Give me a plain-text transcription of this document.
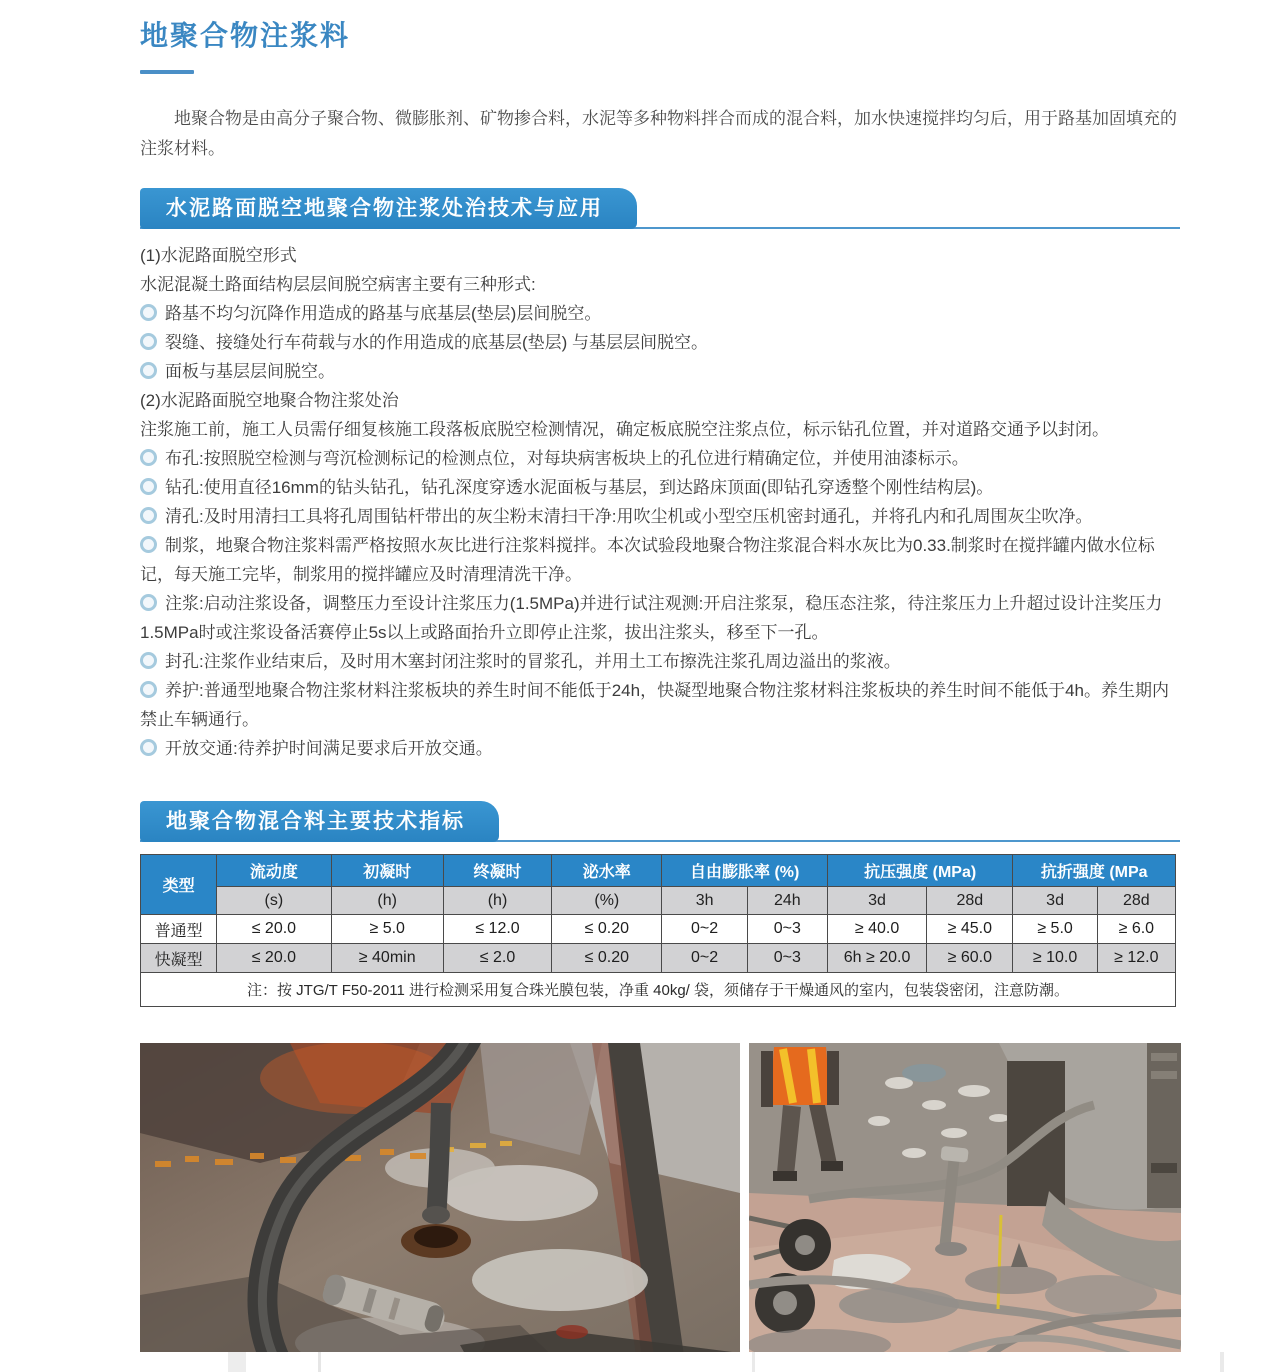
地聚合物注浆料

地聚合物是由高分子聚合物、微膨胀剂、矿物掺合料，水泥等多种物料拌合而成的混合料，加水快速搅拌均匀后，用于路基加固填充的注浆材料。

水泥路面脱空地聚合物注浆处治技术与应用

(1)水泥路面脱空形式

水泥混凝土路面结构层层间脱空病害主要有三种形式:

路基不均匀沉降作用造成的路基与底基层(垫层)层间脱空。

裂缝、接缝处行车荷载与水的作用造成的底基层(垫层) 与基层层间脱空。

面板与基层层间脱空。

(2)水泥路面脱空地聚合物注浆处治

注浆施工前，施工人员需仔细复核施工段落板底脱空检测情况，确定板底脱空注浆点位，标示钻孔位置，并对道路交通予以封闭。

布孔:按照脱空检测与弯沉检测标记的检测点位，对每块病害板块上的孔位进行精确定位，并使用油漆标示。

钻孔:使用直径16mm的钻头钻孔，钻孔深度穿透水泥面板与基层，到达路床顶面(即钻孔穿透整个刚性结构层)。

清孔:及时用清扫工具将孔周围钻杆带出的灰尘粉末清扫干净:用吹尘机或小型空压机密封通孔，并将孔内和孔周围灰尘吹净。

制浆，地聚合物注浆料需严格按照水灰比进行注浆料搅拌。本次试验段地聚合物注浆混合料水灰比为0.33.制浆时在搅拌罐内做水位标记，每天施工完毕，制浆用的搅拌罐应及时清理清洗干净。

注浆:启动注浆设备，调整压力至设计注浆压力(1.5MPa)并进行试注观测:开启注浆泵，稳压态注浆，待注浆压力上升超过设计注奖压力1.5MPa时或注浆设备活赛停止5s以上或路面抬升立即停止注浆，拔出注浆头，移至下一孔。

封孔:注浆作业结束后，及时用木塞封闭注浆时的冒浆孔，并用土工布擦洗注浆孔周边溢出的浆液。

养护:普通型地聚合物注浆材料注浆板块的养生时间不能低于24h，快凝型地聚合物注浆材料注浆板块的养生时间不能低于4h。养生期内禁止车辆通行。

开放交通:待养护时间满足要求后开放交通。

地聚合物混合料主要技术指标
类型	流动度	初凝时	终凝时	泌水率	自由膨胀率 (%)		抗压强度 (MPa)		抗折强度 (MPa	
	(s)	(h)	(h)	(%)	3h	24h	3d	28d	3d	28d
普通型	≤ 20.0	≥ 5.0	≤ 12.0	≤ 0.20	0~2	0~3	≥ 40.0	≥ 45.0	≥ 5.0	≥ 6.0
快凝型	≤ 20.0	≥ 40min	≤ 2.0	≤ 0.20	0~2	0~3	6h ≥ 20.0	≥ 60.0	≥ 10.0	≥ 12.0
注：按 JTG/T F50-2011 进行检测采用复合珠光膜包装，净重 40kg/ 袋，须储存于干燥通风的室内，包装袋密闭，注意防潮。										
